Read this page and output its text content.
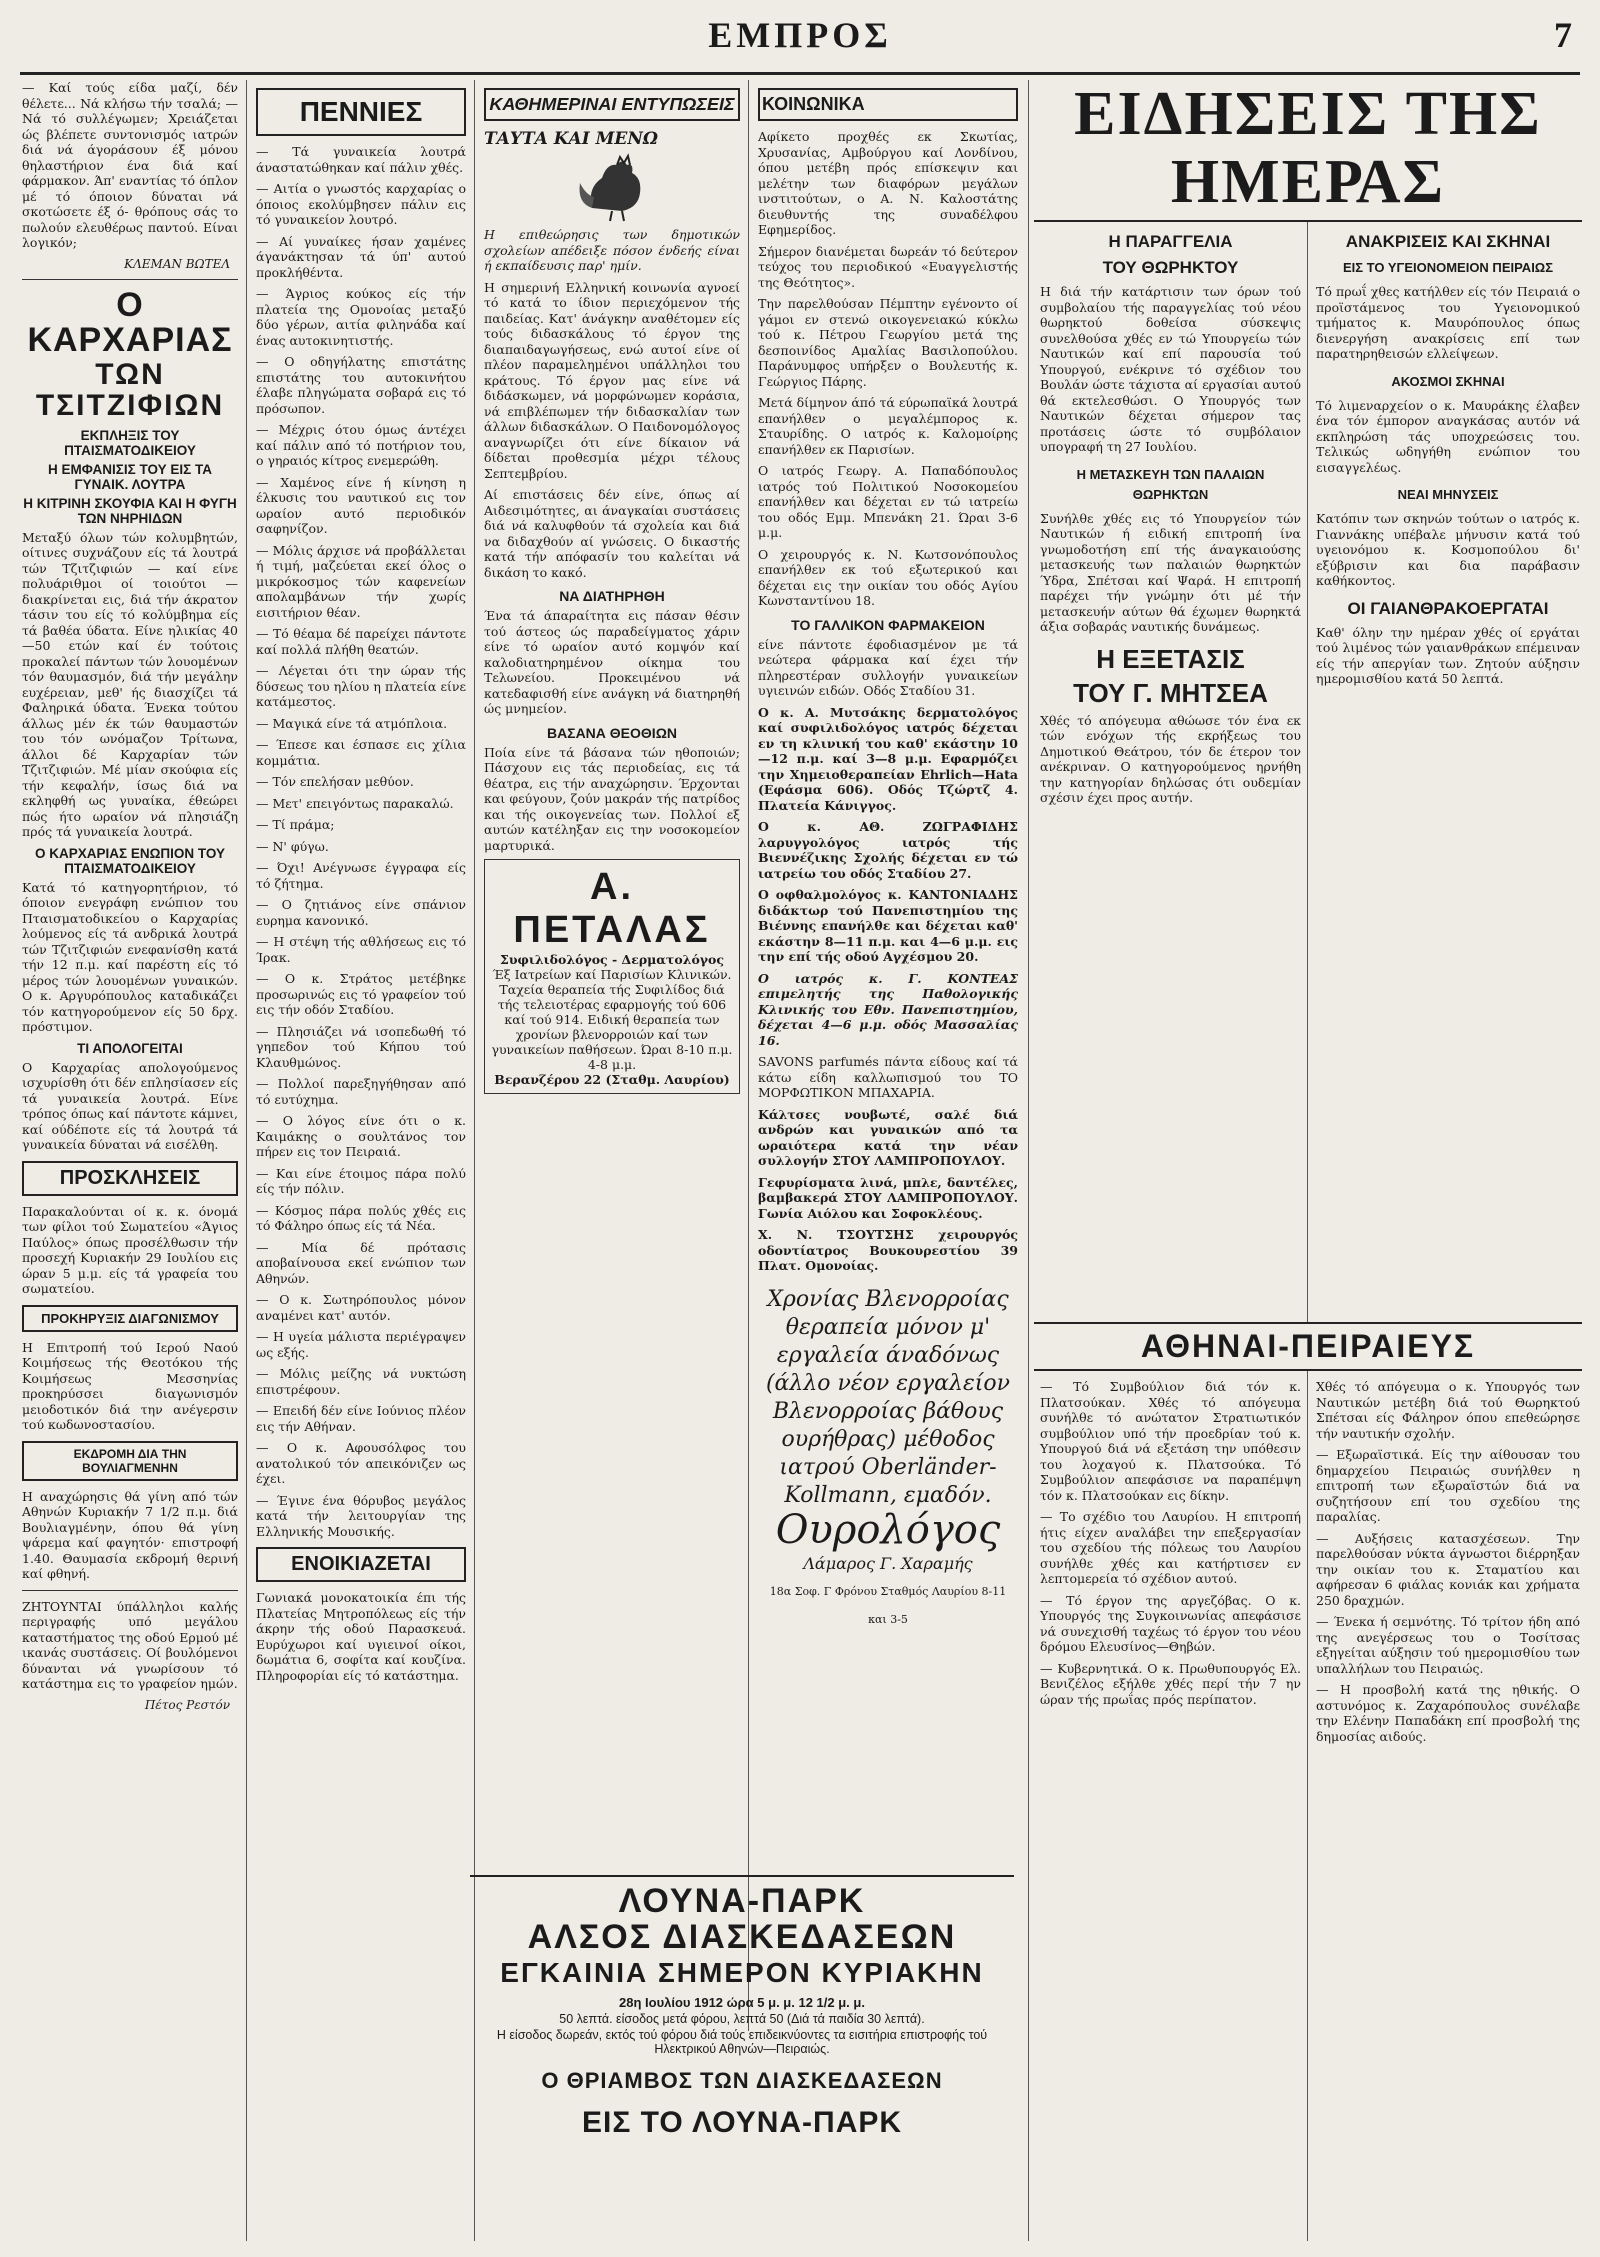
ΕΜΠΡΟΣ	7

— Καί τούς είδα μαζί, δέν θέλετε... Νά κλήσω τήν τσαλά; — Νά τό συλλέγωμεν; Χρειάζεται ώς βλέπετε συντονισμός ιατρών διά νά άγοράσουν έξ μόνου θηλαστήριον ένα διά καί φάρμακον. Άπ' εναντίας τό όπλον μέ τό όποιον δύναται νά σκοτώσετε έξ ό- θρόπους σάς το πωλούν ελευθέρως παντού. Είναι λογικόν;

ΚΛΕΜΑΝ ΒΩΤΕΛ
Ο ΚΑΡΧΑΡΙΑΣ
ΤΩΝ ΤΣΙΤΖΙΦΙΩΝ
ΕΚΠΛΗΞΙΣ ΤΟΥ ΠΤΑΙΣΜΑΤΟΔΙΚΕΙΟΥ
Η ΕΜΦΑΝΙΣΙΣ ΤΟΥ ΕΙΣ ΤΑ ΓΥΝΑΙΚ. ΛΟΥΤΡΑ
Η ΚΙΤΡΙΝΗ ΣΚΟΥΦΙΑ ΚΑΙ Η ΦΥΓΗ ΤΩΝ ΝΗΡΗΙΔΩΝ

Μεταξύ όλων τών κολυμβητών, οίτινες συχνάζουν είς τά λουτρά τών Τζιτζιφιών — καί είνε πολυάριθμοι οί τοιούτοι — διακρίνεται εις, διά τήν άκρατον τάσιν του είς τό κολύμβημα είς τά βαθέα ύδατα. Είνε ηλικίας 40—50 ετών καί έν τούτοις προκαλεί πάντων τών λουομένων τόν θαυμασμόν, διά τήν μεγάλην ευχέρειαν, μεθ' ής διασχίζει τά Φαληρικά ύδατα. Ένεκα τούτου άλλως μέν έκ τών θαυμαστών του τόν ωνόμαζον Τρίτωνα, άλλοι δέ Καρχαρίαν τών Τζιτζιφιών. Μέ μίαν σκούφια είς τήν κεφαλήν, ίσως διά να εκληφθή ως γυναίκα, έθεώρει πώς ήτο ωραίον νά πλησιάζη πρός τά γυναικεία λουτρά.

Ο ΚΑΡΧΑΡΙΑΣ ΕΝΩΠΙΟΝ ΤΟΥ ΠΤΑΙΣΜΑΤΟΔΙΚΕΙΟΥ

Κατά τό κατηγορητήριον, τό όποιον ενεγράφη ενώπιον του Πταισματοδικείου ο Καρχαρίας λούμενος είς τά ανδρικά λουτρά τών Τζιτζιφιών ενεφανίσθη κατά τήν 12 π.μ. καί παρέστη είς τό μέρος τών λουομένων γυναικών. Ο κ. Αργυρόπουλος καταδικάζει τόν κατηγορούμενον είς 50 δρχ. πρόστιμον.

ΤΙ ΑΠΟΛΟΓΕΙΤΑΙ

Ο Καρχαρίας απολογούμενος ισχυρίσθη ότι δέν επλησίασεν είς τά γυναικεία λουτρά. Είνε τρόπος όπως καί πάντοτε κάμνει, καί ούδέποτε είς τά λουτρά τά γυναικεία δύναται νά εισέλθη.

ΠΡΟΣΚΛΗΣΕΙΣ

Παρακαλούνται οί κ. κ. όνομά των φίλοι τού Σωματείου «Άγιος Παύλος» όπως προσέλθωσιν τήν προσεχή Κυριακήν 29 Ιουλίου εις ώραν 5 μ.μ. είς τά γραφεία του σωματείου.

ΠΡΟΚΗΡΥΞΙΣ ΔΙΑΓΩΝΙΣΜΟΥ

Η Επιτροπή τού Ιερού Ναού Κοιμήσεως τής Θεοτόκου τής Κοιμήσεως Μεσσηνίας προκηρύσσει διαγωνισμόν μειοδοτικόν διά την ανέγερσιν τού κωδωνοστασίου.

ΕΚΔΡΟΜΗ ΔΙΑ ΤΗΝ ΒΟΥΛΙΑΓΜΕΝΗΝ

Η αναχώρησις θά γίνη από τών Αθηνών Κυριακήν 7 1/2 π.μ. διά Βουλιαγμένην, όπου θά γίνη ψάρεμα καί φαγητόν· επιστροφή 1.40. Θαυμασία εκδρομή θερινή καί φθηνή.

ΖΗΤΟΥΝΤΑΙ ύπάλληλοι καλής περιγραφής υπό μεγάλου καταστήματος της οδού Ερμού μέ ικανάς συστάσεις. Οί βουλόμενοι δύνανται νά γνωρίσουν τό κατάστημα εις το γραφείον ημών.

Πέτος Ρεστόν
ΠΕΝΝΙΕΣ

— Τά γυναικεία λουτρά άναστατώθηκαν καί πάλιν χθές.

— Αιτία ο γνωστός καρχαρίας ο όποιος εκολύμβησεν πάλιν εις τό γυναικείον λουτρό.

— Αί γυναίκες ήσαν χαμένες άγανάκτησαν τά ύπ' αυτού προκλήθέντα.

— Άγριος κούκος είς τήν πλατεία της Ομονοίας μεταξύ δύο γέρων, αιτία φιληνάδα καί ένας αυτοκινητιστής.

— Ο οδηγήλατης επιστάτης επιστάτης του αυτοκινήτου έλαβε πληγώματα σοβαρά εις τό πρόσωπον.

— Μέχρις ότου όμως άντέχει καί πάλιν από τό ποτήριον του, ο γηραιός κίτρος ενεμερώθη.

— Χαμένος είνε ή κίνηση η έλκυσις του ναυτικού εις τον ωραίον αυτό περιοδικόν σαφηνίζον.

— Μόλις άρχισε νά προβάλλεται ή τιμή, μαζεύεται εκεί όλος ο μικρόκοσμος τών καφενείων απολαμβάνων τήν χωρίς εισιτήριον θέαν.

— Τό θέαμα δέ παρείχει πάντοτε καί πολλά πλήθη θεατών.

— Λέγεται ότι την ώραν τής δύσεως του ηλίου η πλατεία είνε κατάμεστος.

— Μαγικά είνε τά ατμόπλοια.

— Έπεσε και έσπασε εις χίλια κομμάτια.

— Τόν επελήσαν μεθύον.

— Μετ' επειγόντως παρακαλώ.

— Τί πράμα;

— Ν' φύγω.

— Όχι! Ανέγνωσε έγγραφα είς τό ζήτημα.

— Ο ζητιάνος είνε σπάνιον ευρημα κανονικό.

— Η στέψη τής αθλήσεως εις τό Ίρακ.

— Ο κ. Στράτος μετέβηκε προσωρινώς εις τό γραφείον τού εις τήν οδόν Σταδίου.

— Πλησιάζει νά ισοπεδωθή τό γηπεδον τού Κήπου τού Κλαυθμώνος.

— Πολλοί παρεξηγήθησαν από τό ευτύχημα.

— Ο λόγος είνε ότι ο κ. Καιμάκης ο σουλτάνος τον πήρεν εις τον Πειραιά.

— Και είνε έτοιμος πάρα πολύ είς τήν πόλιν.

— Κόσμος πάρα πολύς χθές εις τό Φάληρο όπως είς τά Νέα.

— Μία δέ πρότασις αποβαίνουσα εκεί ενώπιον των Αθηνών.

— Ο κ. Σωτηρόπουλος μόνον αναμένει κατ' αυτόν.

— Η υγεία μάλιστα περιέγραψεν ως εξής.

— Μόλις μείζης νά νυκτώση επιστρέφουν.

— Επειδή δέν είνε Ιούνιος πλέον εις τήν Αθήναν.

— Ο κ. Αφουσόλφος του ανατολικού τόν απεικόνιζεν ως έχει.

— Έγινε ένα θόρυβος μεγάλος κατά τήν λειτουργίαν της Ελληνικής Μουσικής.

ΕΝΟΙΚΙΑΖΕΤΑΙ

Γωνιακά μονοκατοικία έπι τής Πλατείας Μητροπόλεως είς τήν άκρην τής οδού Παρασκευά. Ευρύχωροι καί υγιεινοί οίκοι, δωμάτια 6, σοφίτα καί κουζίνα. Πληροφορίαι είς τό κατάστημα.

ΚΑΘΗΜΕΡΙΝΑΙ ΕΝΤΥΠΩΣΕΙΣ
ΤΑΥΤΑ ΚΑΙ ΜΕΝΩ

Η επιθεώρησις των δημοτικών σχολείων απέδειξε πόσον ένδεής είναι ή εκπαίδευσις παρ' ημίν.

Η σημερινή Ελληνική κοινωνία αγνοεί τό κατά το ίδιον περιεχόμενον τής παιδείας. Κατ' άνάγκην αναθέτομεν είς τούς διδασκάλους τό έργον της διαπαιδαγωγήσεως, ενώ αυτοί είνε οί πλέον παραμελημένοι υπάλληλοι του κράτους. Τό έργον μας είνε νά διδάσκωμεν, νά μορφώνωμεν κοράσια, νά επιβλέπωμεν τήν διδασκαλίαν των άλλων διδασκάλων. Ο Παιδονομόλογος αναγνωρίζει ότι είνε δίκαιον νά δίδεται προθεσμία μέχρι τέλους Σεπτεμβρίου.

Αί επιστάσεις δέν είνε, όπως αί Αιδεσιμότητες, αι άναγκαίαι συστάσεις διά νά καλυφθούν τά σχολεία και διά να διδαχθούν αί γνώσεις. Ο δικαστής κατά τήν απόφασίν του καλείται νά δικάση το κακό.

ΝΑ ΔΙΑΤΗΡΗΘΗ

Ένα τά άπαραίτητα εις πάσαν θέσιν τού άστεος ώς παραδείγματος χάριν είνε τό ωραίον αυτό κομψόν καί καλοδιατηρημένον οίκημα του Τελωνείου. Προκειμένου νά κατεδαφισθή είνε ανάγκη νά διατηρηθή ώς μνημείον.

ΒΑΣΑΝΑ ΘΕΟΘΙΩΝ

Ποία είνε τά βάσανα τών ηθοποιών; Πάσχουν εις τάς περιοδείας, εις τά θέατρα, εις τήν αναχώρησιν. Έρχονται και φεύγουν, ζούν μακράν τής πατρίδος και τής οικογενείας των. Πολλοί εξ αυτών κατέληξαν εις την νοσοκομείον μαρτυρικά.

Α. ΠΕΤΑΛΑΣ
Συφιλιδολόγος - Δερματολόγος
Έξ Ιατρείων καί Παρισίων Κλινικών.
Ταχεία θεραπεία τής Συφιλίδος διά τής τελειοτέρας εφαρμογής τού 606 καί τού 914. Ειδική θεραπεία των χρονίων βλενορροιών καί των γυναικείων παθήσεων. Ώραι 8-10 π.μ. 4-8 μ.μ.
Βερανζέρου 22 (Σταθμ. Λαυρίου)
ΚΟΙΝΩΝΙΚΑ

Αφίκετο προχθές εκ Σκωτίας, Χρυσανίας, Αμβούργου καί Λονδίνου, όπου μετέβη πρός επίσκεψιν και μελέτην των διαφόρων μεγάλων ινστιτούτων, ο Α. Ν. Καλοστάτης διευθυντής της συναδέλφου Εφημερίδος.

Σήμερον διανέμεται δωρεάν τό δεύτερον τεύχος του περιοδικού «Ευαγγελιστής της Θεότητος».

Την παρελθούσαν Πέμπτην εγένοντο οί γάμοι εν στενώ οικογενειακώ κύκλω τού κ. Πέτρου Γεωργίου μετά της δεσποινίδος Αμαλίας Βασιλοπούλου. Παράνυμφος υπήρξεν ο Βουλευτής κ. Γεώργιος Πάρης.

Μετά δίμηνον άπό τά εύρωπαϊκά λουτρά επανήλθεν ο μεγαλέμπορος κ. Σταυρίδης. Ο ιατρός κ. Καλομοίρης επανήλθεν εκ Παρισίων.

Ο ιατρός Γεωργ. Α. Παπαδόπουλος ιατρός τού Πολιτικού Νοσοκομείου επανήλθεν και δέχεται εν τώ ιατρείω του οδός Εμμ. Μπενάκη 21. Ώραι 3-6 μ.μ.

Ο χειρουργός κ. Ν. Κωτσονόπουλος επανήλθεν εκ τού εξωτερικού και δέχεται εις την οικίαν του οδός Αγίου Κωνσταντίνου 18.

ΤΟ ΓΑΛΛΙΚΟΝ ΦΑΡΜΑΚΕΙΟΝ

είνε πάντοτε έφοδιασμένον με τά νεώτερα φάρμακα καί έχει τήν πληρεστέραν συλλογήν γυναικείων υγιεινών ειδών. Οδός Σταδίου 31.

Ο κ. Α. Μυτσάκης δερματολόγος καί συφιλιδολόγος ιατρός δέχεται εν τη κλινική του καθ' εκάστην 10—12 π.μ. καί 3—8 μ.μ. Εφαρμόζει την Χημειοθεραπείαν Ehrlich—Hata (Εφάσμα 606). Οδός Τζώρτζ 4. Πλατεία Κάνιγγος.

Ο κ. ΑΘ. ΖΩΓΡΑΦΙΔΗΣ λαρυγγολόγος ιατρός τής Βιεννέζικης Σχολής δέχεται εν τώ ιατρείω του οδός Σταδίου 27.

Ο οφθαλμολόγος κ. ΚΑΝΤΟΝΙΑΔΗΣ διδάκτωρ τού Πανεπιστημίου της Βιέννης επανήλθε και δέχεται καθ' εκάστην 8—11 π.μ. και 4—6 μ.μ. εις την επί τής οδού Αγχέσμου 20.

Ο ιατρός κ. Γ. ΚΟΝΤΕΑΣ επιμελητής της Παθολογικής Κλινικής του Εθν. Πανεπιστημίου, δέχεται 4—6 μ.μ. οδός Μασσαλίας 16.

SAVONS parfumés πάντα είδους καί τά κάτω είδη καλλωπισμού του ΤΟ ΜΟΡΦΩΤΙΚΟΝ ΜΠΑΧΑΡΙΑ.

Κάλτσες νουβωτέ, σαλέ διά ανδρών και γυναικών από τα ωραιότερα κατά την νέαν συλλογήν ΣΤΟΥ ΛΑΜΠΡΟΠΟΥΛΟΥ.

Γεφυρίσματα λινά, μπλε, δαντέλες, βαμβακερά ΣΤΟΥ ΛΑΜΠΡΟΠΟΥΛΟΥ. Γωνία Αιόλου και Σοφοκλέους.

Χ. Ν. ΤΣΟΥΤΣΗΣ χειρουργός οδοντίατρος Βουκουρεστίου 39 Πλατ. Ομονοίας.

Χρονίας Βλενορροίας θεραπεία μόνον μ' εργαλεία άναδόνως (άλλο νέον εργαλείον Βλενορροίας βάθους ουρήθρας) μέθοδος ιατρού Oberländer-Kollmann, εμαδόν.
Ουρολόγος
Λάμαρος Γ. Χαραμής
18α Σοφ. Γ Φρόνου Σταθμός Λαυρίου 8-11 και 3-5
ΕΙΔΗΣΕΙΣ ΤΗΣ ΗΜΕΡΑΣ
Η ΠΑΡΑΓΓΕΛΙΑ
ΤΟΥ ΘΩΡΗΚΤΟΥ

Η διά τήν κατάρτισιν των όρων τού συμβολαίου τής παραγγελίας τού νέου θωρηκτού δοθείσα σύσκεψις συνελθούσα χθές εν τώ Υπουργείω τών Ναυτικών καί επί παρουσία τού Υπουργού, ενέκρινε τό σχέδιον του Βουλάν ώστε τάχιστα αί εργασίαι αυτού θά εκτελεσθώσι. Ο Υπουργός των Ναυτικών δέχεται σήμερον τας προτάσεις ώστε τό συμβόλαιον υπογραφή τη 27 Ιουλίου.

Η ΜΕΤΑΣΚΕΥΗ ΤΩΝ ΠΑΛΑΙΩΝ ΘΩΡΗΚΤΩΝ

Συνήλθε χθές εις τό Υπουργείον τών Ναυτικών ή ειδική επιτροπή ίνα γνωμοδοτήση επί τής άναγκαιούσης μετασκευής των παλαιών θωρηκτών Ύδρα, Σπέτσαι καί Ψαρά. Η επιτροπή παρέχει τήν γνώμην ότι μέ τήν μετασκευήν αύτων θά έχωμεν θωρηκτά άξια σοβαράς ναυτικής δυνάμεως.

Η ΕΞΕΤΑΣΙΣ
ΤΟΥ Γ. ΜΗΤΣΕΑ

Χθές τό απόγευμα αθώωσε τόν ένα εκ τών ενόχων τής εκρήξεως του Δημοτικού Θεάτρου, τόν δε έτερον τον ανέκριναν. Ο κατηγορούμενος ηρνήθη την κατηγορίαν δηλώσας ότι ουδεμίαν σχέσιν έχει προς αυτήν.

ΑΝΑΚΡΙΣΕΙΣ ΚΑΙ ΣΚΗΝΑΙ
ΕΙΣ ΤΟ ΥΓΕΙΟΝΟΜΕΙΟΝ ΠΕΙΡΑΙΩΣ

Τό πρωΐ χθες κατήλθεν είς τόν Πειραιά ο προϊστάμενος του Υγειονομικού τμήματος κ. Μαυρόπουλος όπως διενεργήση ανακρίσεις επί των παρατηρηθεισών ελλείψεων.

ΑΚΟΣΜΟΙ ΣΚΗΝΑΙ

Τό λιμεναρχείον ο κ. Μαυράκης έλαβεν ένα τόν έμπορον αναγκάσας αυτόν νά εκπληρώση τάς υποχρεώσεις του. Τελικώς ωδηγήθη ενώπιον του εισαγγελέως.

ΝΕΑΙ ΜΗΝΥΣΕΙΣ

Κατόπιν των σκηνών τούτων ο ιατρός κ. Γιαννάκης υπέβαλε μήνυσιν κατά τού υγειονόμου κ. Κοσμοπούλου δι' εξύβρισιν και δια παράβασιν καθήκοντος.

ΟΙ ΓΑΙΑΝΘΡΑΚΟΕΡΓΑΤΑΙ

Καθ' όλην την ημέραν χθές οί εργάται τού λιμένος τών γαιανθράκων επέμειναν είς τήν απεργίαν των. Ζητούν αύξησιν ημερομισθίου κατά 50 λεπτά.

ΑΘΗΝΑΙ-ΠΕΙΡΑΙΕΥΣ

— Τό Συμβούλιον διά τόν κ. Πλατσούκαν. Χθές τό απόγευμα συνήλθε τό ανώτατον Στρατιωτικόν συμβούλιον υπό τήν προεδρίαν τού κ. Υπουργού διά νά εξετάση την υπόθεσιν του λοχαγού κ. Πλατσούκα. Τό Συμβούλιον απεφάσισε να παραπέμψη τόν κ. Πλατσούκαν εις δίκην.

— Το σχέδιο του Λαυρίου. Η επιτροπή ήτις είχεν αναλάβει την επεξεργασίαν του σχεδίου τής πόλεως του Λαυρίου συνήλθε χθές και κατήρτισεν εν λεπτομερεία τό σχέδιον αυτού.

— Τό έργον της αργεζόβας. Ο κ. Υπουργός της Συγκοινωνίας απεφάσισε νά συνεχισθή ταχέως τό έργον του νέου δρόμου Ελευσίνος—Θηβών.

— Κυβερνητικά. Ο κ. Πρωθυπουργός Ελ. Βενιζέλος εξήλθε χθές περί τήν 7 ην ώραν τής πρωΐας πρός περίπατον.

Χθές τό απόγευμα ο κ. Υπουργός των Ναυτικών μετέβη διά τού Θωρηκτού Σπέτσαι είς Φάληρον όπου επεθεώρησε τήν ναυτικήν σχολήν.

— Εξωραϊστικά. Είς την αίθουσαν του δημαρχείου Πειραιώς συνήλθεν η επιτροπή των εξωραϊστών διά να συζητήσουν επί του σχεδίου της παραλίας.

— Αυξήσεις κατασχέσεων. Την παρελθούσαν νύκτα άγνωστοι διέρρηξαν την οικίαν του κ. Σταματίου και αφήρεσαν 6 φιάλας κονιάκ και χρήματα 250 δραχμών.

— Ένεκα ή σεμνότης. Τό τρίτον ήδη από της ανεγέρσεως του ο Τοσίτσας εξηγείται αύξησιν τού ημερομισθίου των υπαλλήλων του Πειραιώς.

— Η προσβολή κατά της ηθικής. Ο αστυνόμος κ. Ζαχαρόπουλος συνέλαβε την Ελένην Παπαδάκη επί προσβολή της δημοσίας αιδούς.

ΛΟΥΝΑ-ΠΑΡΚ
ΑΛΣΟΣ ΔΙΑΣΚΕΔΑΣΕΩΝ
ΕΓΚΑΙΝΙΑ ΣΗΜΕΡΟΝ ΚΥΡΙΑΚΗΝ
28η Ιουλίου 1912 ώρα 5 μ. μ. 12 1/2 μ. μ.
50 λεπτά. είσοδος μετά φόρου, λεπτά 50 (Διά τά παιδία 30 λεπτά).
Η είσοδος δωρεάν, εκτός τού φόρου διά τούς επιδεικνύοντες τα εισιτήρια επιστροφής τού Ηλεκτρικού Αθηνών—Πειραιώς.
Ο ΘΡΙΑΜΒΟΣ ΤΩΝ ΔΙΑΣΚΕΔΑΣΕΩΝ
ΕΙΣ ΤΟ ΛΟΥΝΑ-ΠΑΡΚ
